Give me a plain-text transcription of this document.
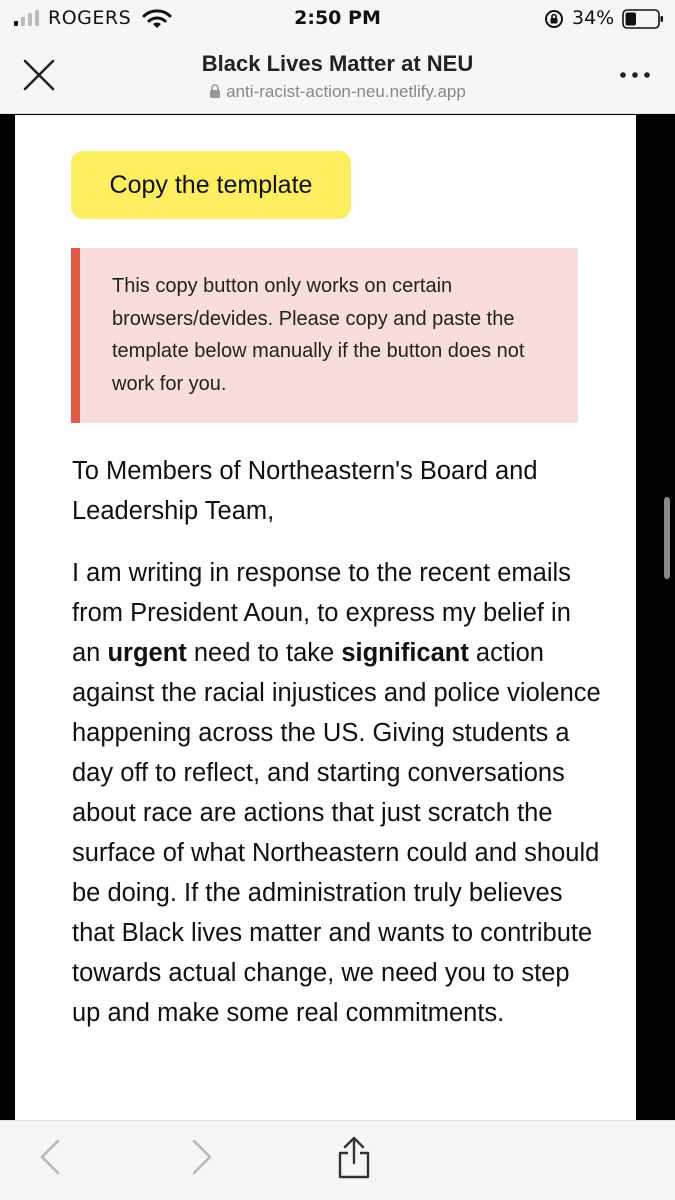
ROGERS	2:50 PM	34%
Black Lives Matter at NEU
anti-racist-action-neu.netlify.app
Copy the template

This copy button only works on certain browsers/devides. Please copy and paste the template below manually if the button does not work for you.

To Members of Northeastern's Board and Leadership Team,

I am writing in response to the recent emails from President Aoun, to express my belief in an urgent need to take significant action against the racial injustices and police violence happening across the US. Giving students a day off to reflect, and starting conversations about race are actions that just scratch the surface of what Northeastern could and should be doing. If the administration truly believes that Black lives matter and wants to contribute towards actual change, we need you to step up and make some real commitments.
